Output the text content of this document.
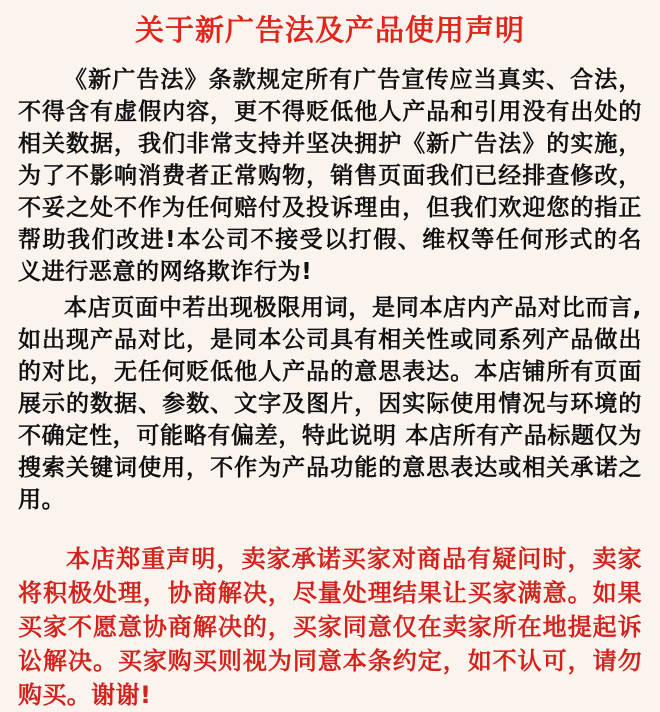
关于新广告法及产品使用声明

《新广告法》条款规定所有广告宣传应当真实、合法，不得含有虚假内容，更不得贬低他人产品和引用没有出处的相关数据，我们非常支持并坚决拥护《新广告法》的实施，为了不影响消费者正常购物，销售页面我们已经排查修改，不妥之处不作为任何赔付及投诉理由，但我们欢迎您的指正帮助我们改进!本公司不接受以打假、维权等任何形式的名义进行恶意的网络欺诈行为!

本店页面中若出现极限用词，是同本店内产品对比而言,如出现产品对比，是同本公司具有相关性或同系列产品做出的对比，无任何贬低他人产品的意思表达。本店铺所有页面展示的数据、参数、文字及图片，因实际使用情况与环境的不确定性，可能略有偏差，特此说明 本店所有产品标题仅为搜索关键词使用，不作为产品功能的意思表达或相关承诺之用。

本店郑重声明，卖家承诺买家对商品有疑问时，卖家将积极处理，协商解决，尽量处理结果让买家满意。如果买家不愿意协商解决的，买家同意仅在卖家所在地提起诉讼解决。买家购买则视为同意本条约定，如不认可，请勿购买。谢谢!
